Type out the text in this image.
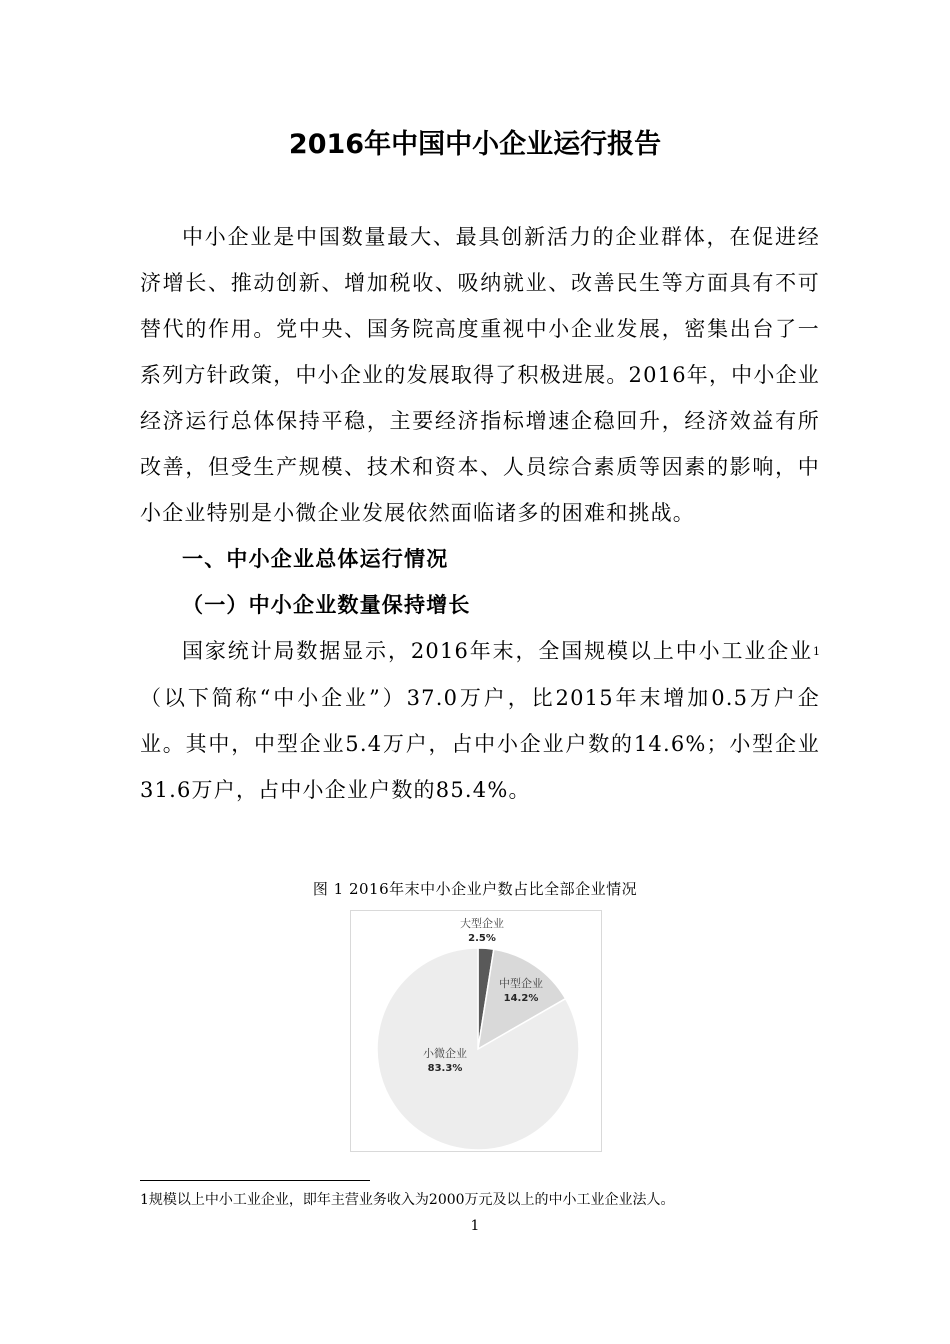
2016年中国中小企业运行报告

中小企业是中国数量最大、最具创新活力的企业群体，在促进经济增长、推动创新、增加税收、吸纳就业、改善民生等方面具有不可替代的作用。党中央、国务院高度重视中小企业发展，密集出台了一系列方针政策，中小企业的发展取得了积极进展。2016年，中小企业经济运行总体保持平稳，主要经济指标增速企稳回升，经济效益有所改善，但受生产规模、技术和资本、人员综合素质等因素的影响，中小企业特别是小微企业发展依然面临诸多的困难和挑战。

一、中小企业总体运行情况

（一）中小企业数量保持增长

国家统计局数据显示，2016年末，全国规模以上中小工业企业$^1$（以下简称“中小企业”）37.0万户，比2015年末增加0.5万户企业。其中，中型企业5.4万户，占中小企业户数的14.6%；小型企业31.6万户，占中小企业户数的85.4%。

图 1 2016年末中小企业户数占比全部企业情况
大型企业
2.5%
中型企业
14.2%
小微企业
83.3%
1规模以上中小工业企业，即年主营业务收入为2000万元及以上的中小工业企业法人。
1
